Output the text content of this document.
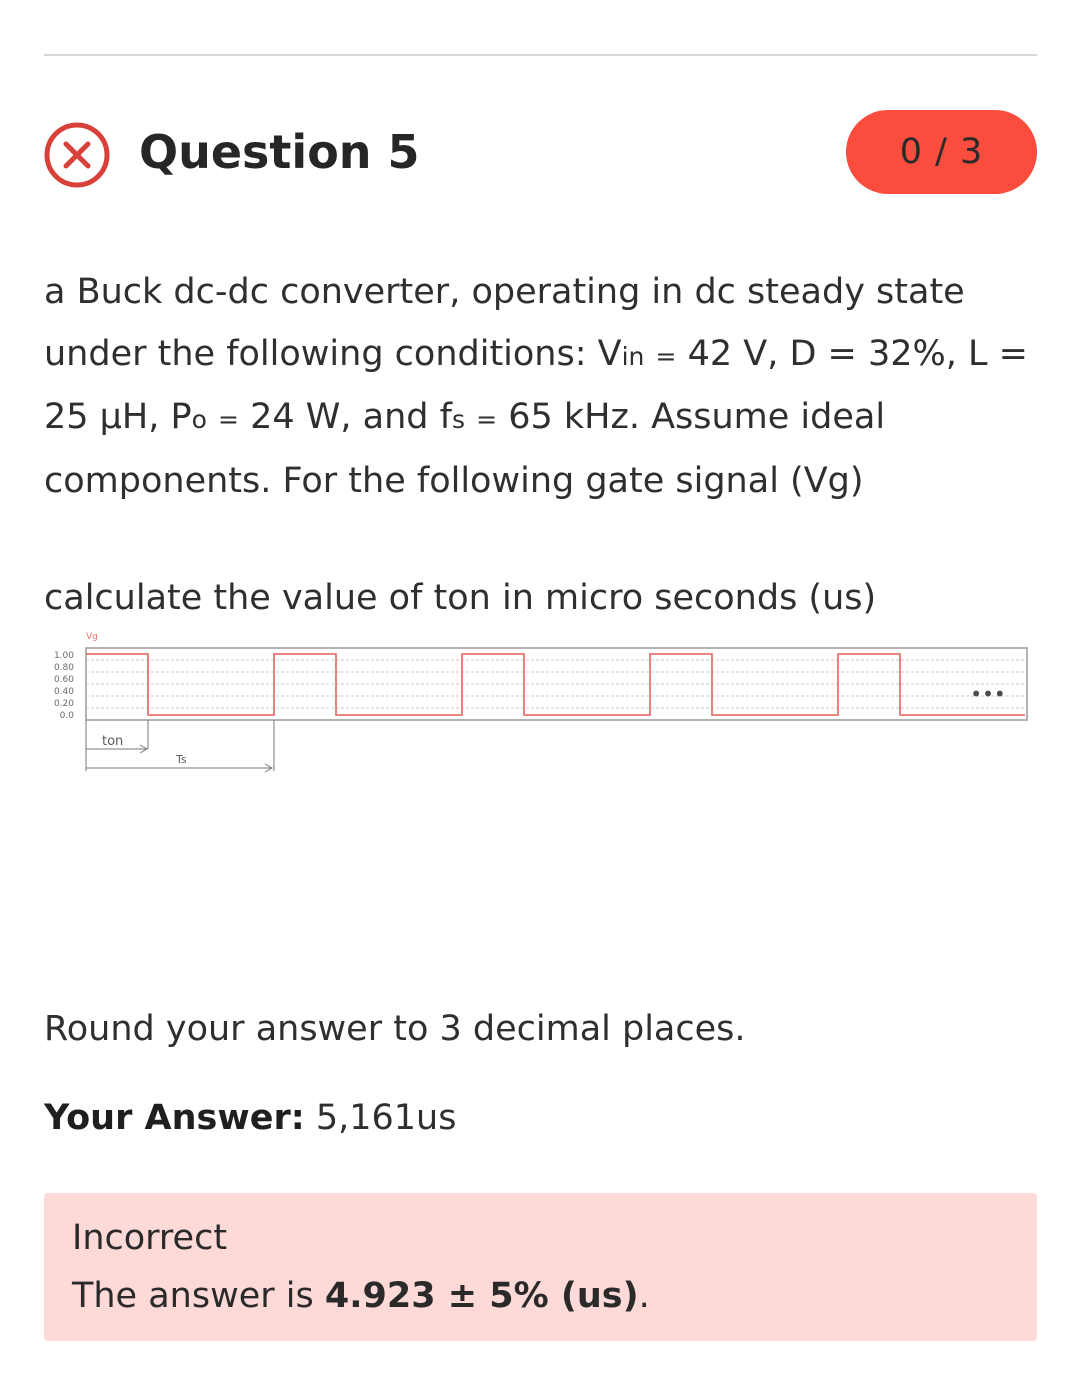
Question 5	0 / 3
a Buck dc-dc converter, operating in dc steady state under the following conditions: Vin = 42 V, D = 32%, L = 25 μH, Po = 24 W, and fs = 65 kHz. Assume ideal components. For the following gate signal (Vg)
calculate the value of ton in micro seconds (us)
Vg
1.00
0.80
0.60
0.40
0.20
0.0
•••
ton
Ts
Round your answer to 3 decimal places.
Your Answer: 5,161us
Incorrect
The answer is 4.923 ± 5% (us).
